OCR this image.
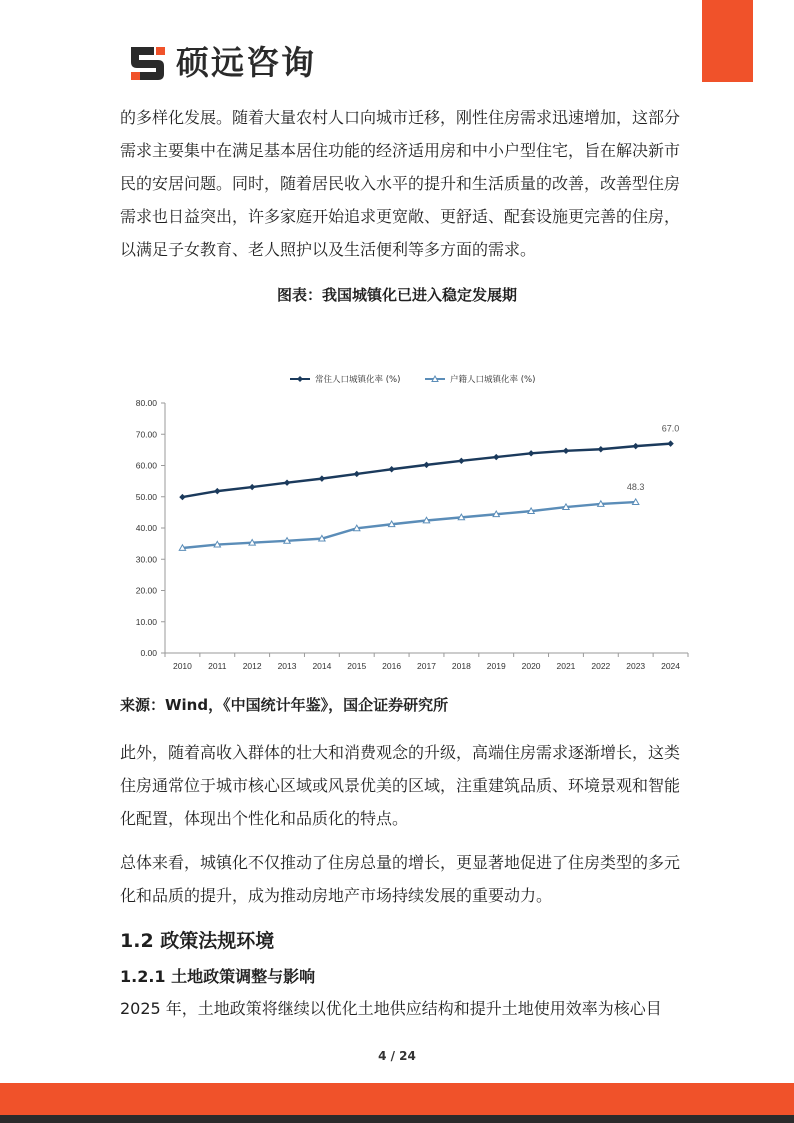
硕远咨询

的多样化发展。随着大量农村人口向城市迁移，刚性住房需求迅速增加，这部分需求主要集中在满足基本居住功能的经济适用房和中小户型住宅，旨在解决新市民的安居问题。同时，随着居民收入水平的提升和生活质量的改善，改善型住房需求也日益突出，许多家庭开始追求更宽敞、更舒适、配套设施更完善的住房，以满足子女教育、老人照护以及生活便利等多方面的需求。

图表：我国城镇化已进入稳定发展期
0.00
10.00
20.00
30.00
40.00
50.00
60.00
70.00
80.00
2010 2011 2012 2013 2014 2015 2016 2017 2018 2019 2020 2021 2022 2023 2024
常住人口城镇化率 (%)	户籍人口城镇化率 (%)
67.0
48.3
来源：Wind，《中国统计年鉴》，国企证券研究所

此外，随着高收入群体的壮大和消费观念的升级，高端住房需求逐渐增长，这类住房通常位于城市核心区域或风景优美的区域，注重建筑品质、环境景观和智能化配置，体现出个性化和品质化的特点。

总体来看，城镇化不仅推动了住房总量的增长，更显著地促进了住房类型的多元化和品质的提升，成为推动房地产市场持续发展的重要动力。

1.2 政策法规环境
1.2.1 土地政策调整与影响

2025 年，土地政策将继续以优化土地供应结构和提升土地使用效率为核心目

4 / 24
